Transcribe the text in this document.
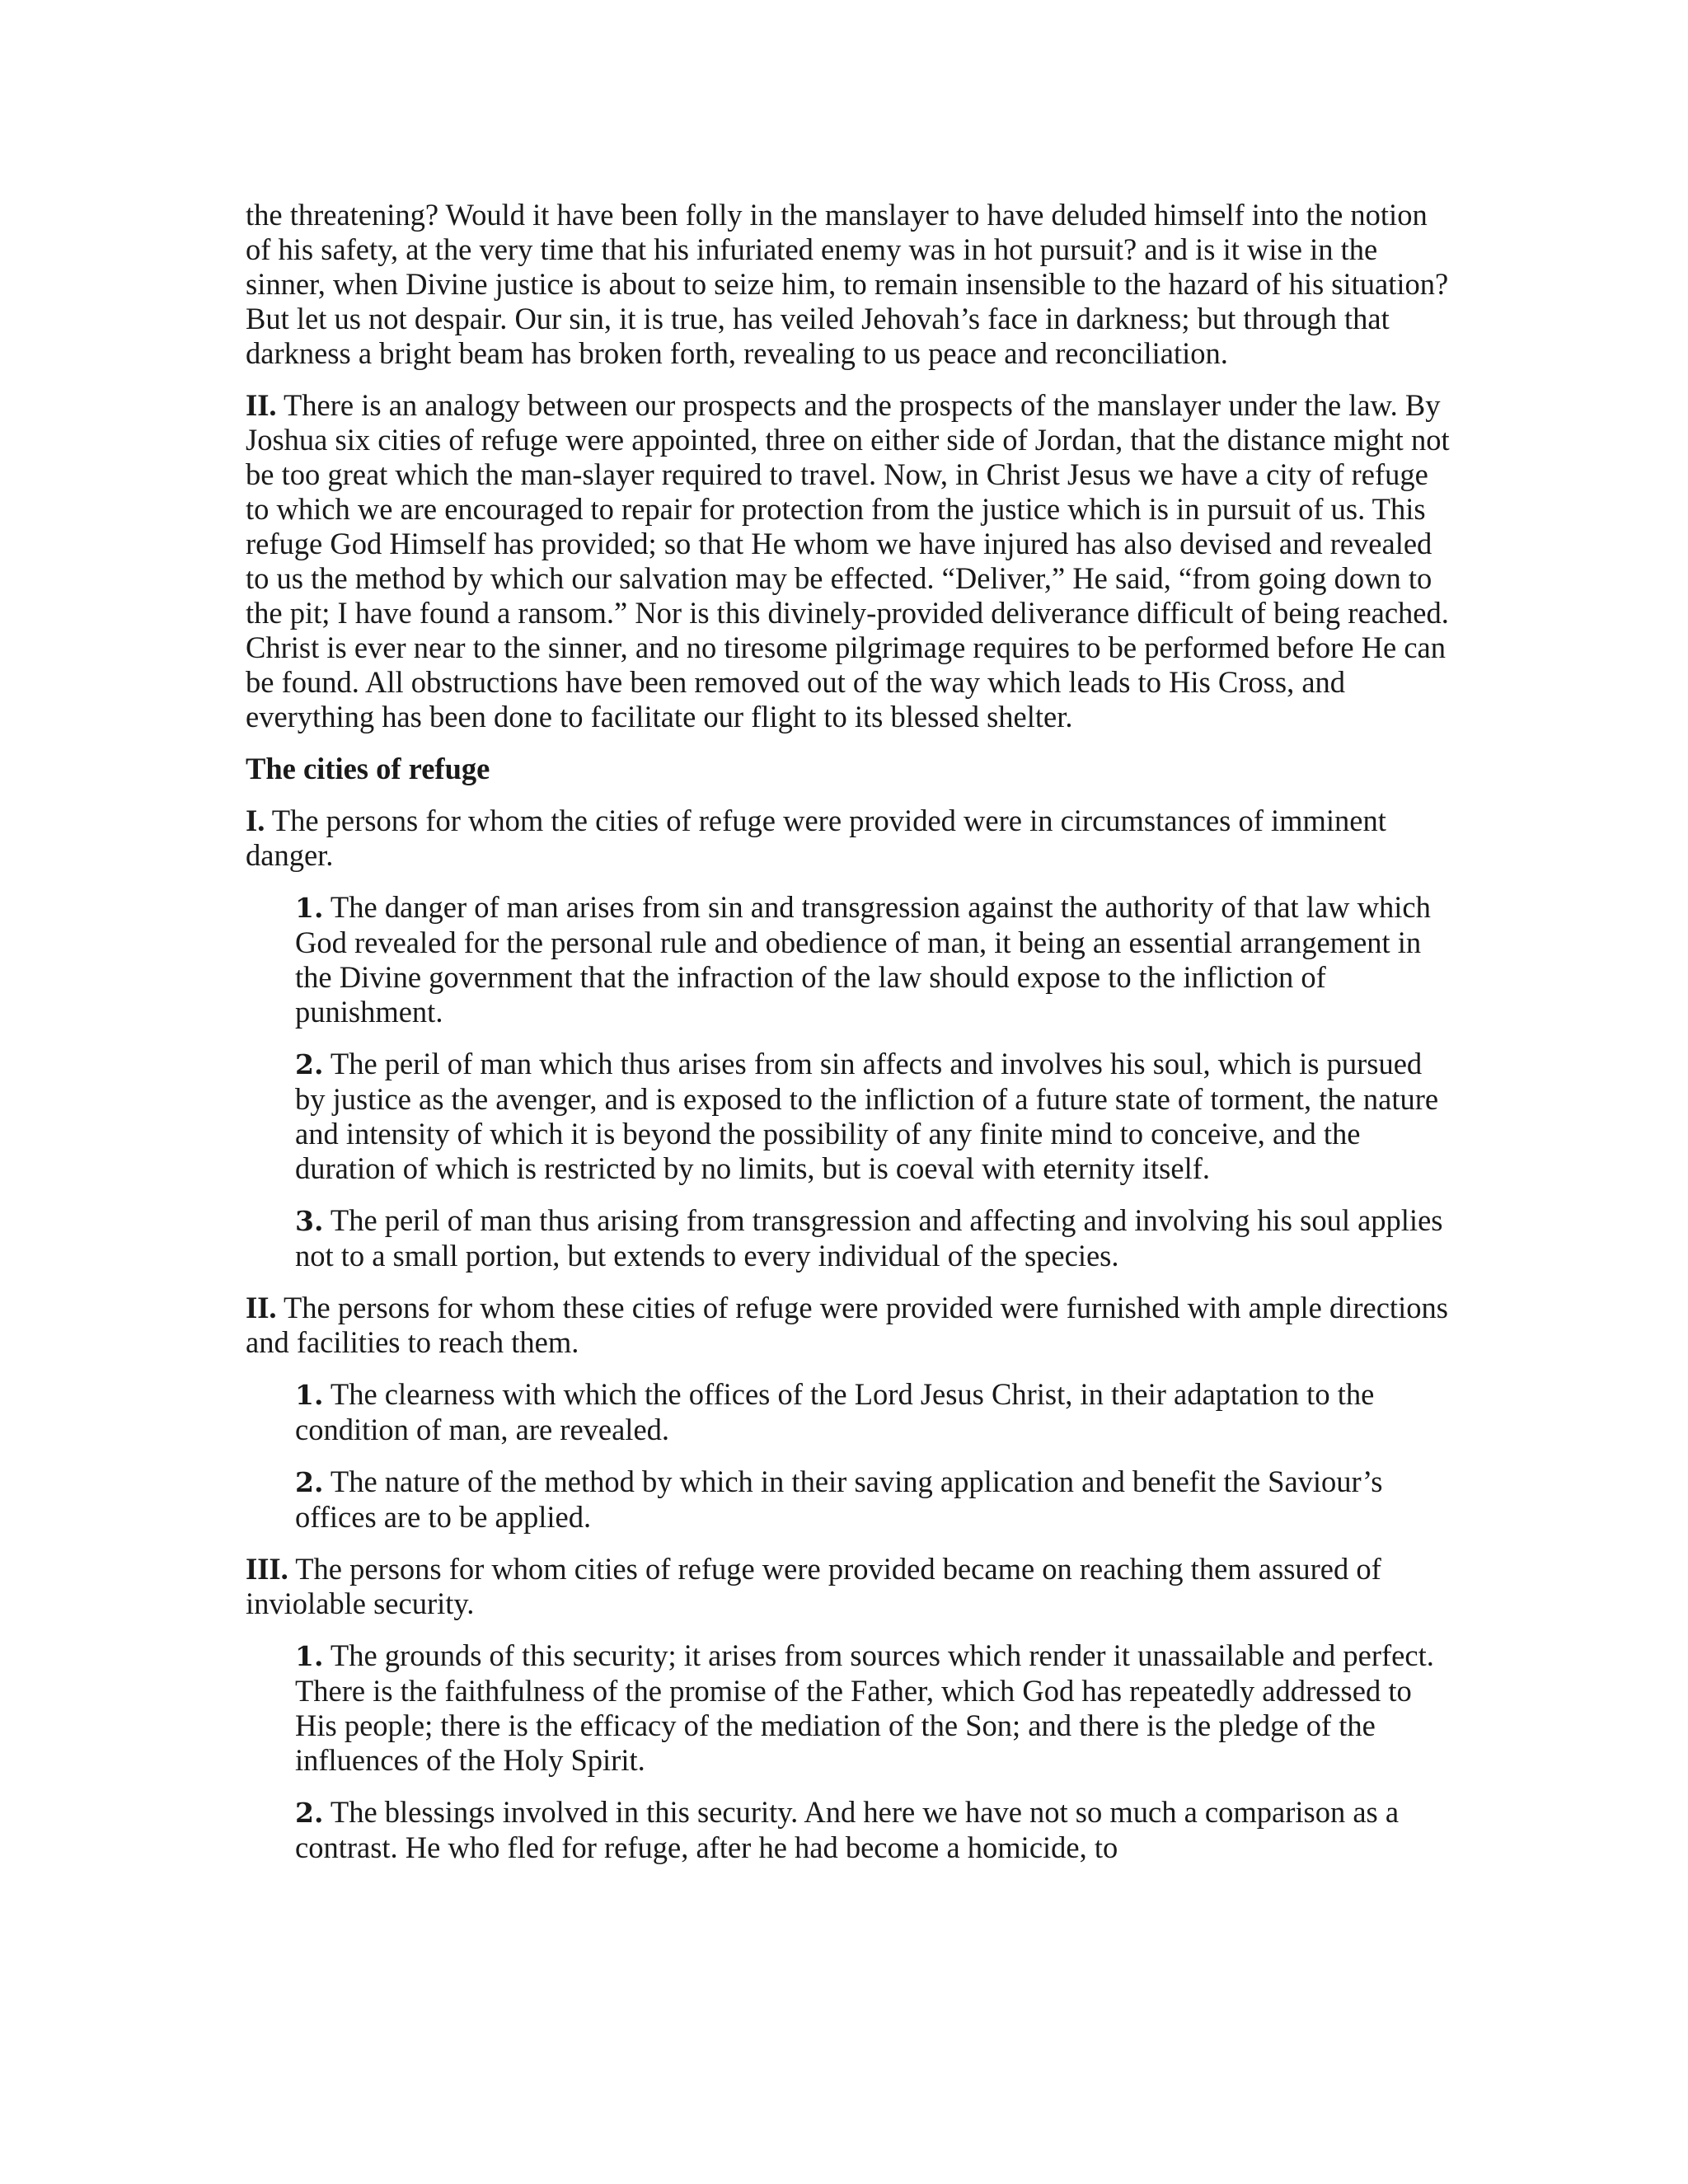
the threatening? Would it have been folly in the manslayer to have deluded himself into the notion of his safety, at the very time that his infuriated enemy was in hot pursuit? and is it wise in the sinner, when Divine justice is about to seize him, to remain insensible to the hazard of his situation? But let us not despair. Our sin, it is true, has veiled Jehovah’s face in darkness; but through that darkness a bright beam has broken forth, revealing to us peace and reconciliation.

II. There is an analogy between our prospects and the prospects of the manslayer under the law. By Joshua six cities of refuge were appointed, three on either side of Jordan, that the distance might not be too great which the man-slayer required to travel. Now, in Christ Jesus we have a city of refuge to which we are encouraged to repair for protection from the justice which is in pursuit of us. This refuge God Himself has provided; so that He whom we have injured has also devised and revealed to us the method by which our salvation may be effected. “Deliver,” He said, “from going down to the pit; I have found a ransom.” Nor is this divinely-provided deliverance difficult of being reached. Christ is ever near to the sinner, and no tiresome pilgrimage requires to be performed before He can be found. All obstructions have been removed out of the way which leads to His Cross, and everything has been done to facilitate our flight to its blessed shelter.

The cities of refuge

I. The persons for whom the cities of refuge were provided were in circumstances of imminent danger.

1. The danger of man arises from sin and transgression against the authority of that law which God revealed for the personal rule and obedience of man, it being an essential arrangement in the Divine government that the infraction of the law should expose to the infliction of punishment.

2. The peril of man which thus arises from sin affects and involves his soul, which is pursued by justice as the avenger, and is exposed to the infliction of a future state of torment, the nature and intensity of which it is beyond the possibility of any finite mind to conceive, and the duration of which is restricted by no limits, but is coeval with eternity itself.

3. The peril of man thus arising from transgression and affecting and involving his soul applies not to a small portion, but extends to every individual of the species.

II. The persons for whom these cities of refuge were provided were furnished with ample directions and facilities to reach them.

1. The clearness with which the offices of the Lord Jesus Christ, in their adaptation to the condition of man, are revealed.

2. The nature of the method by which in their saving application and benefit the Saviour’s offices are to be applied.

III. The persons for whom cities of refuge were provided became on reaching them assured of inviolable security.

1. The grounds of this security; it arises from sources which render it unassailable and perfect. There is the faithfulness of the promise of the Father, which God has repeatedly addressed to His people; there is the efficacy of the mediation of the Son; and there is the pledge of the influences of the Holy Spirit.

2. The blessings involved in this security. And here we have not so much a comparison as a contrast. He who fled for refuge, after he had become a homicide, to
